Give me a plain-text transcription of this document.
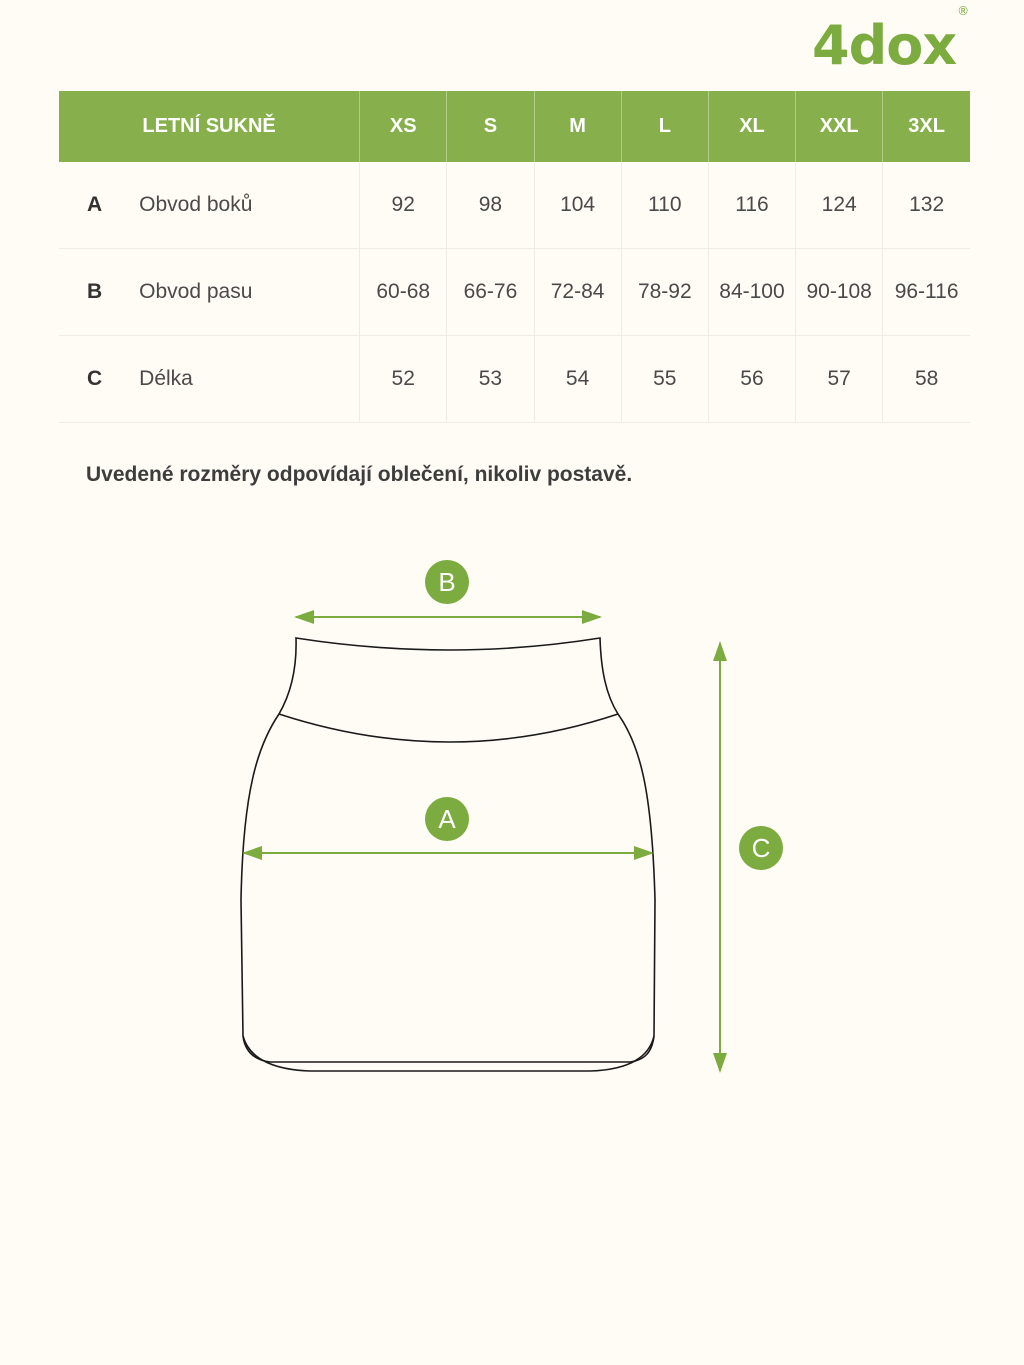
4dox®
LETNÍ SUKNĚ		XS	S	M	L	XL	XXL	3XL
A	Obvod boků	92	98	104	110	116	124	132
B	Obvod pasu	60-68	66-76	72-84	78-92	84-100	90-108	96-116
C	Délka	52	53	54	55	56	57	58
Uvedené rozměry odpovídají oblečení, nikoliv postavě.
B
A
C
